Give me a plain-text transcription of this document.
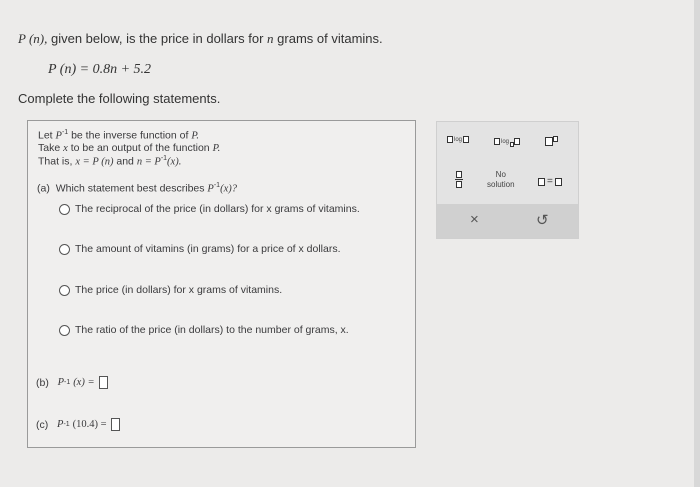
P (n), given below, is the price in dollars for n grams of vitamins.
P (n) = 0.8n + 5.2
Complete the following statements.
Let $P^{-1}$ be the inverse function of P.
Take x to be an output of the function P.
That is, x = P (n) and $n = P^{-1}(x)$.
(a) Which statement best describes $P^{-1}(x)$?
The reciprocal of the price (in dollars) for x grams of vitamins.
The amount of vitamins (in grams) for a price of x dollars.
The price (in dollars) for x grams of vitamins.
The ratio of the price (in dollars) to the number of grams, x.
(b)
P -1
(x) =
(c)
P -1
(10.4) =
log	log
No
solution	=
×	↺
